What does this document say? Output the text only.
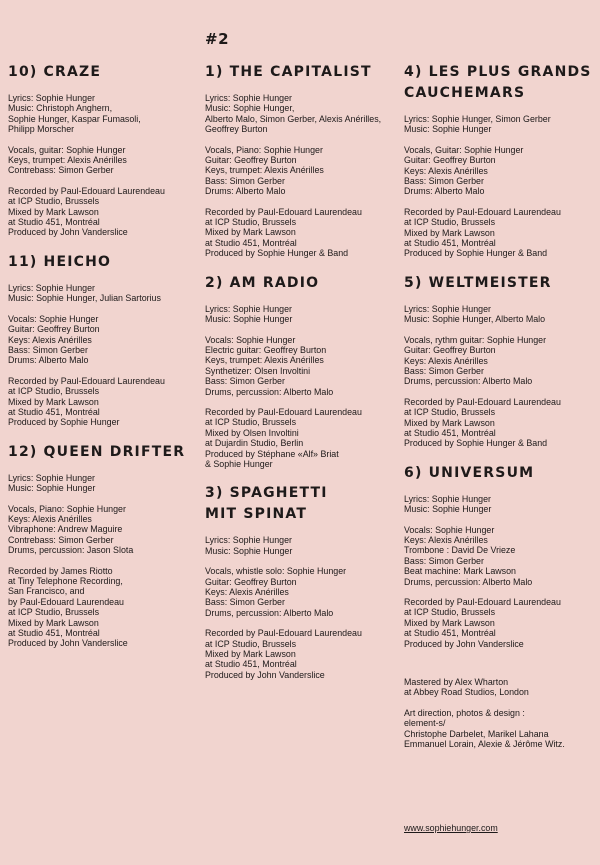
#2
10) CRAZE
Lyrics: Sophie Hunger
Music: Christoph Anghern,
Sophie Hunger, Kaspar Fumasoli,
Philipp Morscher
Vocals, guitar: Sophie Hunger
Keys, trumpet: Alexis Anérilles
Contrebass: Simon Gerber
Recorded by Paul-Edouard Laurendeau
at ICP Studio, Brussels
Mixed by Mark Lawson
at Studio 451, Montréal
Produced by John Vanderslice
11) HEICHO
Lyrics: Sophie Hunger
Music: Sophie Hunger, Julian Sartorius
Vocals: Sophie Hunger
Guitar: Geoffrey Burton
Keys: Alexis Anérilles
Bass: Simon Gerber
Drums: Alberto Malo
Recorded by Paul-Edouard Laurendeau
at ICP Studio, Brussels
Mixed by Mark Lawson
at Studio 451, Montréal
Produced by Sophie Hunger
12) QUEEN DRIFTER
Lyrics: Sophie Hunger
Music: Sophie Hunger
Vocals, Piano: Sophie Hunger
Keys: Alexis Anérilles
Vibraphone: Andrew Maguire
Contrebass: Simon Gerber
Drums, percussion: Jason Slota
Recorded by James Riotto
at Tiny Telephone Recording,
San Francisco, and
by Paul-Edouard Laurendeau
at ICP Studio, Brussels
Mixed by Mark Lawson
at Studio 451, Montréal
Produced by John Vanderslice
1) THE CAPITALIST
Lyrics: Sophie Hunger
Music: Sophie Hunger,
Alberto Malo, Simon Gerber, Alexis Anérilles,
Geoffrey Burton
Vocals, Piano: Sophie Hunger
Guitar: Geoffrey Burton
Keys, trumpet: Alexis Anérilles
Bass: Simon Gerber
Drums: Alberto Malo
Recorded by Paul-Edouard Laurendeau
at ICP Studio, Brussels
Mixed by Mark Lawson
at Studio 451, Montréal
Produced by Sophie Hunger & Band
2) AM RADIO
Lyrics: Sophie Hunger
Music: Sophie Hunger
Vocals: Sophie Hunger
Electric guitar: Geoffrey Burton
Keys, trumpet: Alexis Anérilles
Synthetizer: Olsen Involtini
Bass: Simon Gerber
Drums, percussion: Alberto Malo
Recorded by Paul-Edouard Laurendeau
at ICP Studio, Brussels
Mixed by Olsen Involtini
at Dujardin Studio, Berlin
Produced by Stéphane «Alf» Briat
& Sophie Hunger
3) SPAGHETTI
MIT SPINAT
Lyrics: Sophie Hunger
Music: Sophie Hunger
Vocals, whistle solo: Sophie Hunger
Guitar: Geoffrey Burton
Keys: Alexis Anérilles
Bass: Simon Gerber
Drums, percussion: Alberto Malo
Recorded by Paul-Edouard Laurendeau
at ICP Studio, Brussels
Mixed by Mark Lawson
at Studio 451, Montréal
Produced by John Vanderslice
4) LES PLUS GRANDS
CAUCHEMARS
Lyrics: Sophie Hunger, Simon Gerber
Music: Sophie Hunger
Vocals, Guitar: Sophie Hunger
Guitar: Geoffrey Burton
Keys: Alexis Anérilles
Bass: Simon Gerber
Drums: Alberto Malo
Recorded by Paul-Edouard Laurendeau
at ICP Studio, Brussels
Mixed by Mark Lawson
at Studio 451, Montréal
Produced by Sophie Hunger & Band
5) WELTMEISTER
Lyrics: Sophie Hunger
Music: Sophie Hunger, Alberto Malo
Vocals, rythm guitar: Sophie Hunger
Guitar: Geoffrey Burton
Keys: Alexis Anérilles
Bass: Simon Gerber
Drums, percussion: Alberto Malo
Recorded by Paul-Edouard Laurendeau
at ICP Studio, Brussels
Mixed by Mark Lawson
at Studio 451, Montréal
Produced by Sophie Hunger & Band
6) UNIVERSUM
Lyrics: Sophie Hunger
Music: Sophie Hunger
Vocals: Sophie Hunger
Keys: Alexis Anérilles
Trombone : David De Vrieze
Bass: Simon Gerber
Beat machine: Mark Lawson
Drums, percussion: Alberto Malo
Recorded by Paul-Edouard Laurendeau
at ICP Studio, Brussels
Mixed by Mark Lawson
at Studio 451, Montréal
Produced by John Vanderslice
Mastered by Alex Wharton
at Abbey Road Studios, London
Art direction, photos & design :
element-s/
Christophe Darbelet, Marikel Lahana
Emmanuel Lorain, Alexie & Jérôme Witz.
www.sophiehunger.com
